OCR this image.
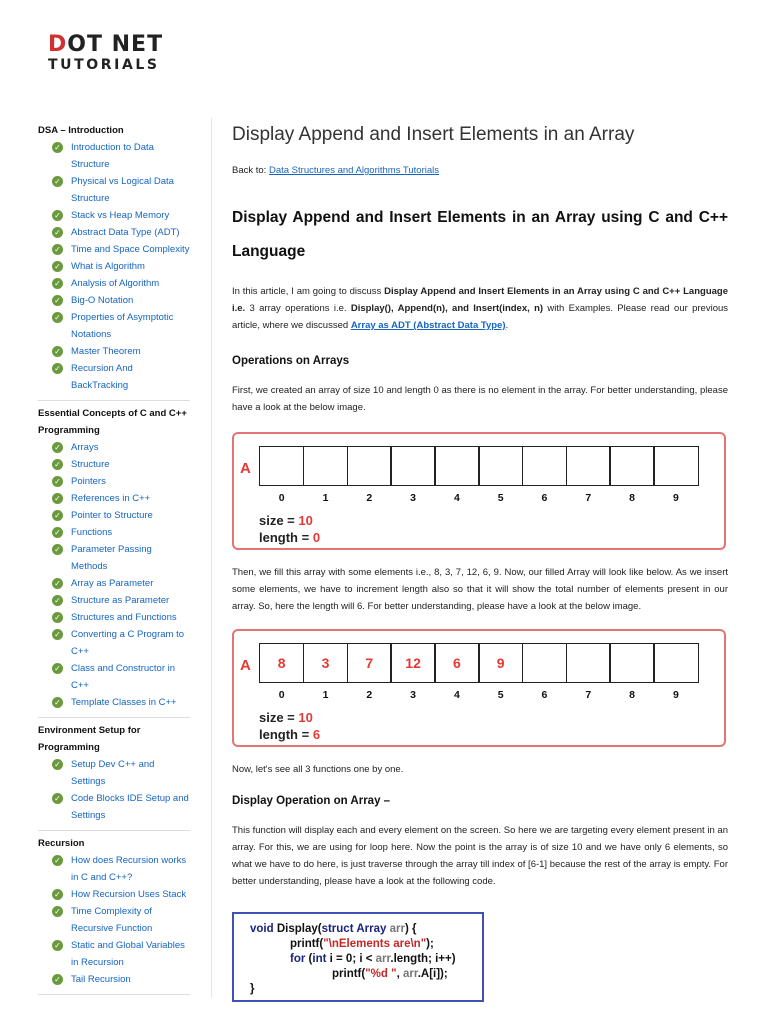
DOT NET
TUTORIALS
DSA – Introduction
✓ Introduction to Data Structure
✓ Physical vs Logical Data Structure
✓ Stack vs Heap Memory
✓ Abstract Data Type (ADT)
✓ Time and Space Complexity
✓ What is Algorithm
✓ Analysis of Algorithm
✓ Big-O Notation
✓ Properties of Asymptotic Notations
✓ Master Theorem
✓ Recursion And BackTracking
Essential Concepts of C and C++ Programming
✓ Arrays
✓ Structure
✓ Pointers
✓ References in C++
✓ Pointer to Structure
✓ Functions
✓ Parameter Passing Methods
✓ Array as Parameter
✓ Structure as Parameter
✓ Structures and Functions
✓ Converting a C Program to C++
✓ Class and Constructor in C++
✓ Template Classes in C++
Environment Setup for Programming
✓ Setup Dev C++ and Settings
✓ Code Blocks IDE Setup and Settings
Recursion
✓ How does Recursion works in C and C++?
✓ How Recursion Uses Stack
✓ Time Complexity of Recursive Function
✓ Static and Global Variables in Recursion
✓ Tail Recursion
Display Append and Insert Elements in an Array
Back to: Data Structures and Algorithms Tutorials
Display Append and Insert Elements in an Array using C and C++ Language

In this article, I am going to discuss Display Append and Insert Elements in an Array using C and C++ Language i.e. 3 array operations i.e. Display(), Append(n), and Insert(index, n) with Examples. Please read our previous article, where we discussed Array as ADT (Abstract Data Type).

Operations on Arrays

First, we created an array of size 10 and length 0 as there is no element in the array. For better understanding, please have a look at the below image.

A
0	1	2	3	4	5	6	7	8	9
size = 10
length = 0

Then, we fill this array with some elements i.e., 8, 3, 7, 12, 6, 9. Now, our filled Array will look like below. As we insert some elements, we have to increment length also so that it will show the total number of elements present in our array. So, here the length will 6. For better understanding, please have a look at the below image.

A	8	3	7	12	6	9
0	1	2	3	4	5	6	7	8	9
size = 10
length = 6

Now, let's see all 3 functions one by one.

Display Operation on Array –

This function will display each and every element on the screen. So here we are targeting every element present in an array. For this, we are using for loop here. Now the point is the array is of size 10 and we have only 6 elements, so what we have to do here, is just traverse through the array till index of [6-1] because the rest of the array is empty. For better understanding, please have a look at the following code.

void Display(struct Array arr) {
printf("\nElements are\n");
for (int i = 0; i < arr.length; i++)
printf("%d ", arr.A[i]);
}
